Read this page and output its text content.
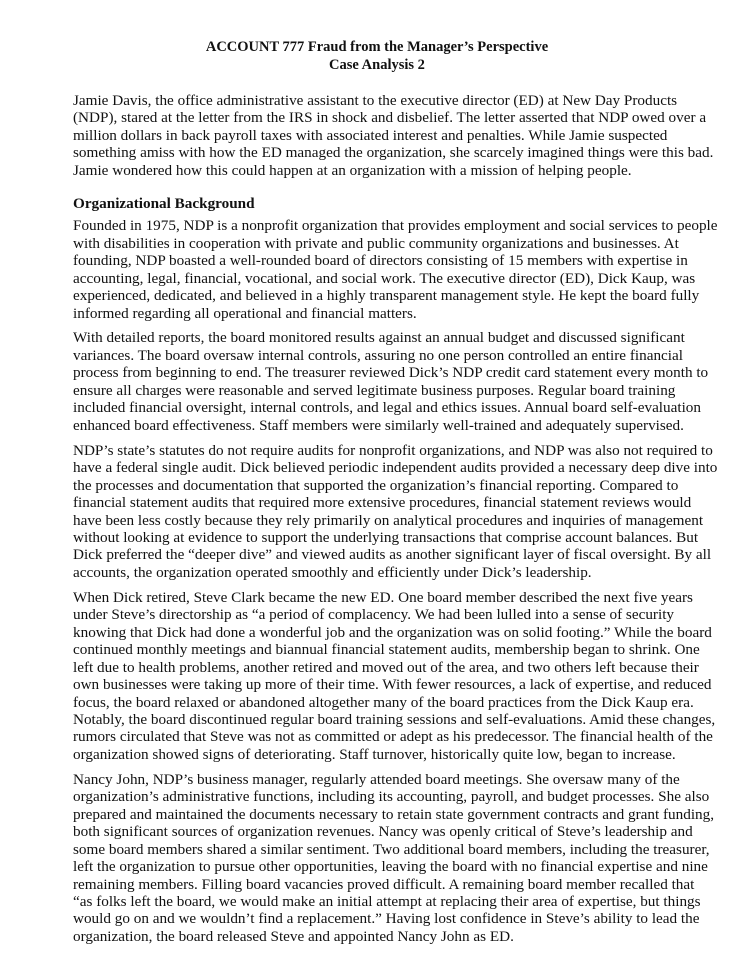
ACCOUNT 777 Fraud from the Manager’s Perspective
Case Analysis 2
Jamie Davis, the office administrative assistant to the executive director (ED) at New Day Products
(NDP), stared at the letter from the IRS in shock and disbelief. The letter asserted that NDP owed over a
million dollars in back payroll taxes with associated interest and penalties. While Jamie suspected
something amiss with how the ED managed the organization, she scarcely imagined things were this bad.
Jamie wondered how this could happen at an organization with a mission of helping people.
Organizational Background
Founded in 1975, NDP is a nonprofit organization that provides employment and social services to people
with disabilities in cooperation with private and public community organizations and businesses. At
founding, NDP boasted a well-rounded board of directors consisting of 15 members with expertise in
accounting, legal, financial, vocational, and social work. The executive director (ED), Dick Kaup, was
experienced, dedicated, and believed in a highly transparent management style. He kept the board fully
informed regarding all operational and financial matters.
With detailed reports, the board monitored results against an annual budget and discussed significant
variances. The board oversaw internal controls, assuring no one person controlled an entire financial
process from beginning to end. The treasurer reviewed Dick’s NDP credit card statement every month to
ensure all charges were reasonable and served legitimate business purposes. Regular board training
included financial oversight, internal controls, and legal and ethics issues. Annual board self-evaluation
enhanced board effectiveness. Staff members were similarly well-trained and adequately supervised.
NDP’s state’s statutes do not require audits for nonprofit organizations, and NDP was also not required to
have a federal single audit. Dick believed periodic independent audits provided a necessary deep dive into
the processes and documentation that supported the organization’s financial reporting. Compared to
financial statement audits that required more extensive procedures, financial statement reviews would
have been less costly because they rely primarily on analytical procedures and inquiries of management
without looking at evidence to support the underlying transactions that comprise account balances. But
Dick preferred the “deeper dive” and viewed audits as another significant layer of fiscal oversight. By all
accounts, the organization operated smoothly and efficiently under Dick’s leadership.
When Dick retired, Steve Clark became the new ED. One board member described the next five years
under Steve’s directorship as “a period of complacency. We had been lulled into a sense of security
knowing that Dick had done a wonderful job and the organization was on solid footing.” While the board
continued monthly meetings and biannual financial statement audits, membership began to shrink. One
left due to health problems, another retired and moved out of the area, and two others left because their
own businesses were taking up more of their time. With fewer resources, a lack of expertise, and reduced
focus, the board relaxed or abandoned altogether many of the board practices from the Dick Kaup era.
Notably, the board discontinued regular board training sessions and self-evaluations. Amid these changes,
rumors circulated that Steve was not as committed or adept as his predecessor. The financial health of the
organization showed signs of deteriorating. Staff turnover, historically quite low, began to increase.
Nancy John, NDP’s business manager, regularly attended board meetings. She oversaw many of the
organization’s administrative functions, including its accounting, payroll, and budget processes. She also
prepared and maintained the documents necessary to retain state government contracts and grant funding,
both significant sources of organization revenues. Nancy was openly critical of Steve’s leadership and
some board members shared a similar sentiment. Two additional board members, including the treasurer,
left the organization to pursue other opportunities, leaving the board with no financial expertise and nine
remaining members. Filling board vacancies proved difficult. A remaining board member recalled that
“as folks left the board, we would make an initial attempt at replacing their area of expertise, but things
would go on and we wouldn’t find a replacement.” Having lost confidence in Steve’s ability to lead the
organization, the board released Steve and appointed Nancy John as ED.
